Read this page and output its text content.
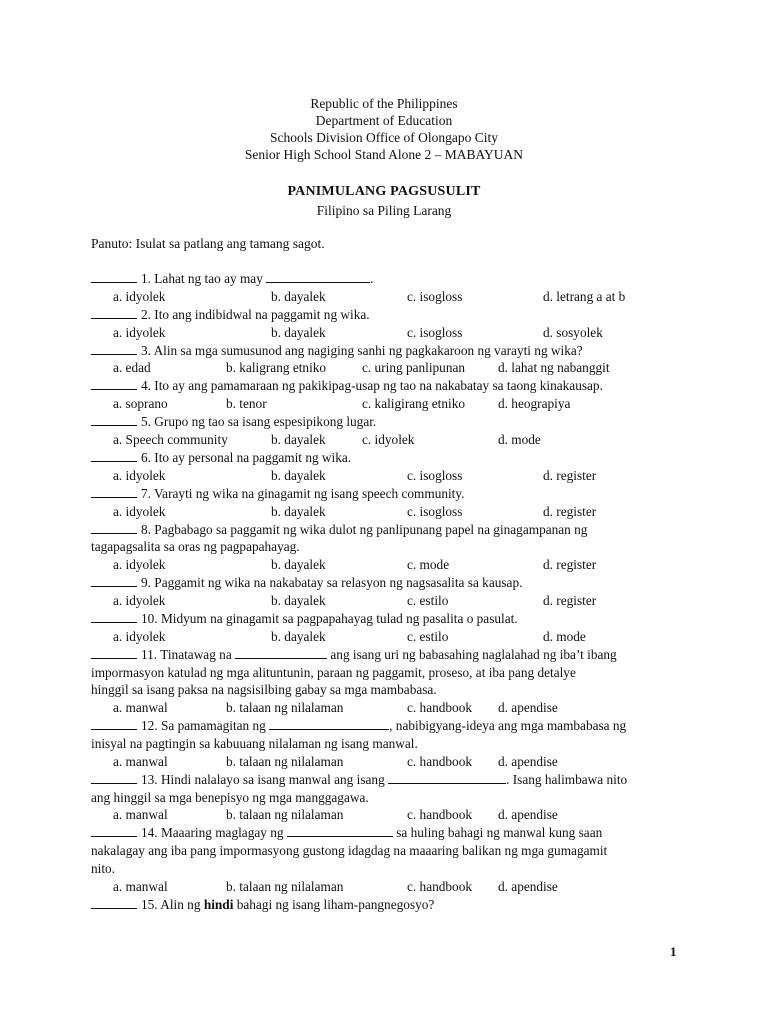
Republic of the Philippines
Department of Education
Schools Division Office of Olongapo City
Senior High School Stand Alone 2 – MABAYUAN
PANIMULANG PAGSUSULIT
Filipino sa Piling Larang
Panuto: Isulat sa patlang ang tamang sagot.
1. Lahat ng tao ay may	.
a. idyolek	b. dayalek	c. isogloss	d. letrang a at b
2. Ito ang indibidwal na paggamit ng wika.
a. idyolek	b. dayalek	c. isogloss	d. sosyolek
3. Alin sa mga sumusunod ang nagiging sanhi ng pagkakaroon ng varayti ng wika?
a. edad	b. kaligrang etniko	c. uring panlipunan d. lahat ng nabanggit
4. Ito ay ang pamamaraan ng pakikipag-usap ng tao na nakabatay sa taong kinakausap.
a. soprano	b. tenor	c. kaligirang etniko d. heograpiya
5. Grupo ng tao sa isang espesipikong lugar.
a. Speech community	b. dayalek	c. idyolek	d. mode
6. Ito ay personal na paggamit ng wika.
a. idyolek	b. dayalek	c. isogloss	d. register
7. Varayti ng wika na ginagamit ng isang speech community.
a. idyolek	b. dayalek	c. isogloss	d. register
8. Pagbabago sa paggamit ng wika dulot ng panlipunang papel na ginagampanan ng
tagapagsalita sa oras ng pagpapahayag.
a. idyolek	b. dayalek	c. mode	d. register
9. Paggamit ng wika na nakabatay sa relasyon ng nagsasalita sa kausap.
a. idyolek	b. dayalek	c. estilo	d. register
10. Midyum na ginagamit sa pagpapahayag tulad ng pasalita o pasulat.
a. idyolek	b. dayalek	c. estilo	d. mode
11. Tinatawag na	ang isang uri ng babasahing naglalahad ng iba’t ibang
impormasyon katulad ng mga alituntunin, paraan ng paggamit, proseso, at iba pang detalye
hinggil sa isang paksa na nagsisilbing gabay sa mga mambabasa.
a. manwal	b. talaan ng nilalaman	c. handbook d. apendise
12. Sa pamamagitan ng	, nabibigyang-ideya ang mga mambabasa ng
inisyal na pagtingin sa kabuuang nilalaman ng isang manwal.
a. manwal	b. talaan ng nilalaman	c. handbook d. apendise
13. Hindi nalalayo sa isang manwal ang isang	. Isang halimbawa nito
ang hinggil sa mga benepisyo ng mga manggagawa.
a. manwal	b. talaan ng nilalaman	c. handbook d. apendise
14. Maaaring maglagay ng	sa huling bahagi ng manwal kung saan
nakalagay ang iba pang impormasyong gustong idagdag na maaaring balikan ng mga gumagamit
nito.
a. manwal	b. talaan ng nilalaman	c. handbook d. apendise
15. Alin ng hindi bahagi ng isang liham-pangnegosyo?
1
